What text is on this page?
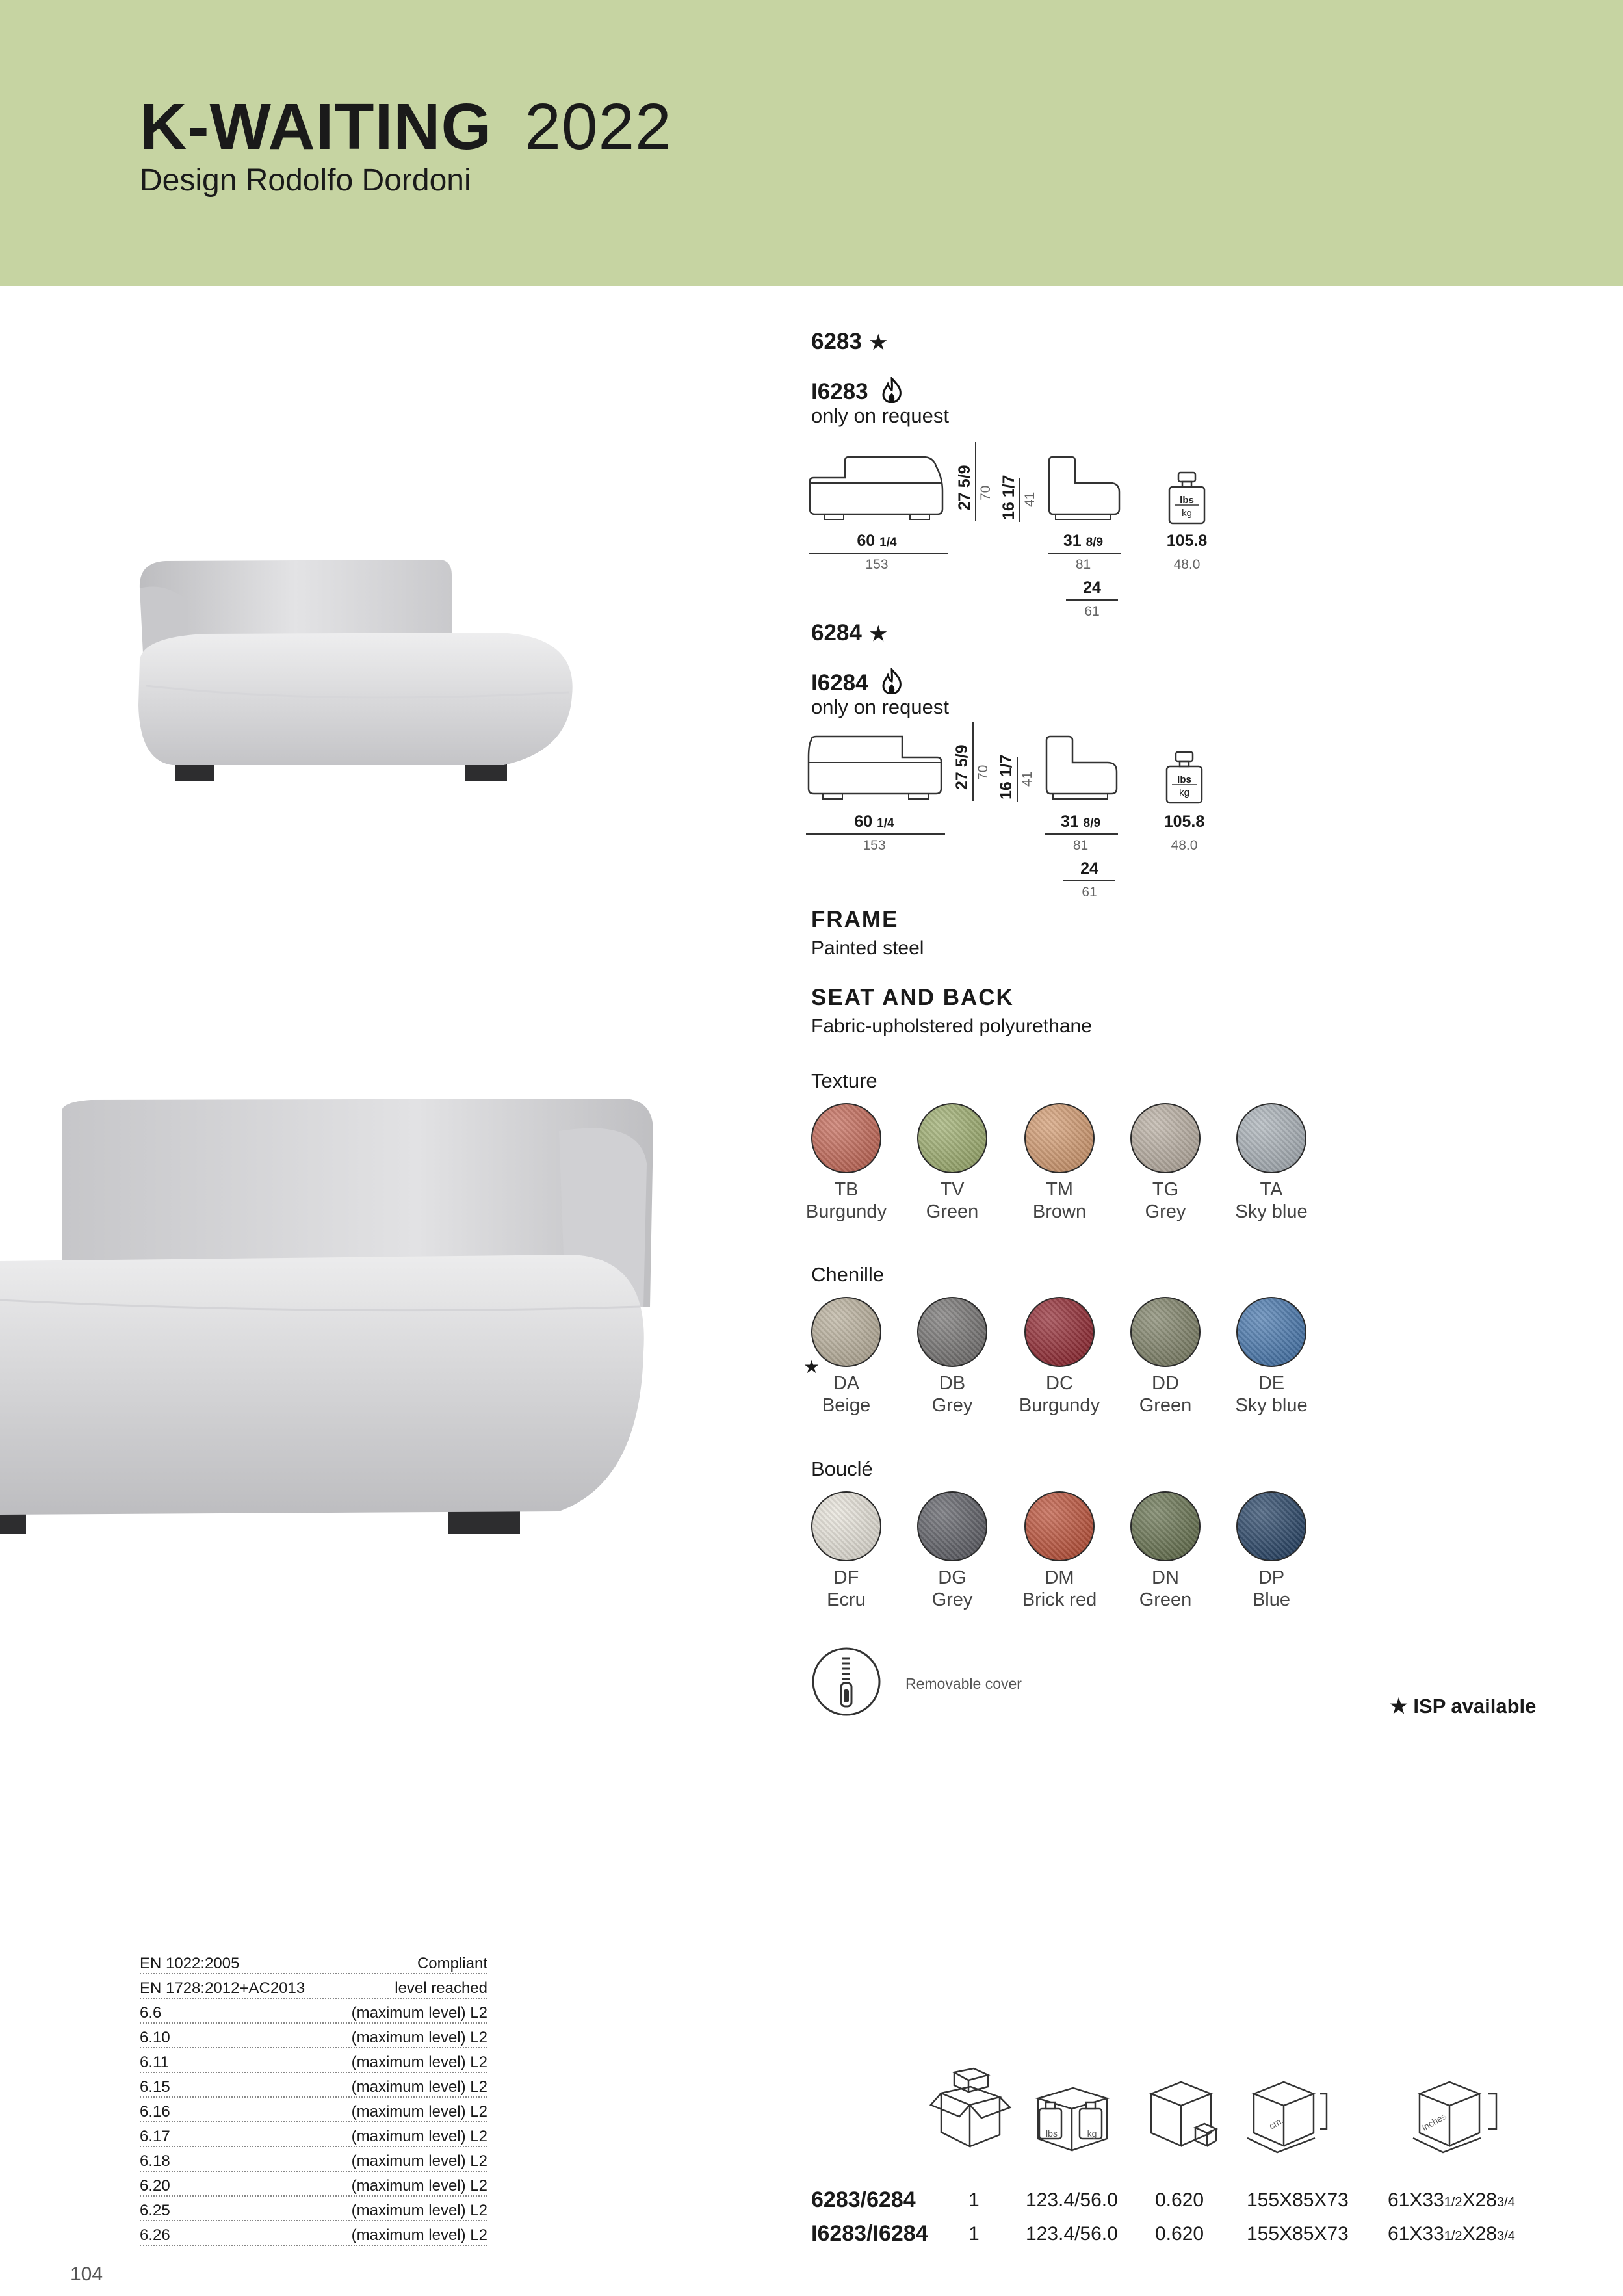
K-WAITING 2022
Design Rodolfo Dordoni
6283 ★
I6283
only on request
27 5/9 70 16 1/7 41	lbs
kg
60 1/4
153
31 8/9
81
24
61
105.8
48.0
6284 ★
I6284
only on request
27 5/9 70 16 1/7 41	lbs
kg
60 1/4
153
31 8/9
81
24
61
105.8
48.0
FRAME
Painted steel
SEAT AND BACK
Fabric-upholstered polyurethane
Texture
TB
Burgundy
TV
Green
TM
Brown
TG
Grey
TA
Sky blue
Chenille
DA
Beige
★
DB
Grey
DC
Burgundy
DD
Green
DE
Sky blue
Bouclé
DF
Ecru
DG
Grey
DM
Brick red
DN
Green
DP
Blue
Removable cover
★ ISP available
EN 1022:2005	Compliant
EN 1728:2012+AC2013	level reached
6.6	(maximum level) L2
6.10	(maximum level) L2
6.11	(maximum level) L2
6.15	(maximum level) L2
6.16	(maximum level) L2
6.17	(maximum level) L2
6.18	(maximum level) L2
6.20	(maximum level) L2
6.25	(maximum level) L2
6.26	(maximum level) L2
104
lbs	kg
cm.	inches
6283/6284	1 123.4/56.0 0.620 155X85X73 61X331/2X283/4
I6283/I6284 1 123.4/56.0 0.620 155X85X73 61X331/2X283/4
